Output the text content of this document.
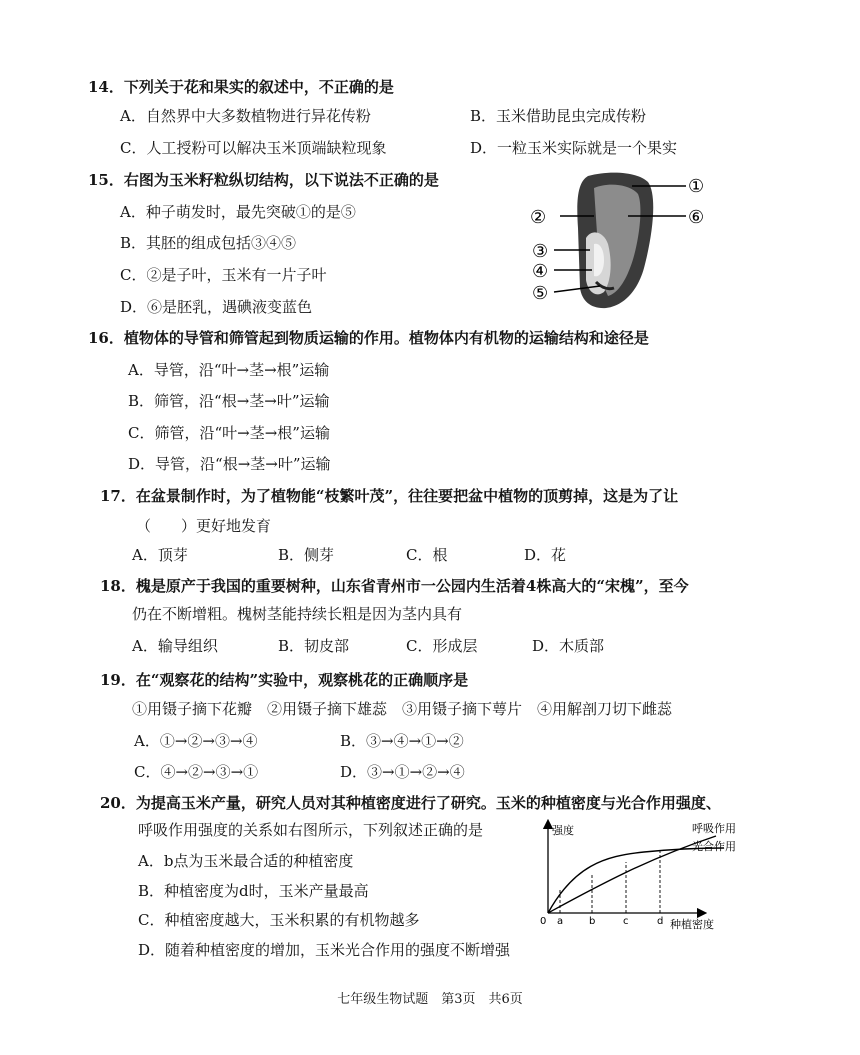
14．下列关于花和果实的叙述中，不正确的是
A．自然界中大多数植物进行异花传粉	B．玉米借助昆虫完成传粉
C．人工授粉可以解决玉米顶端缺粒现象	D．一粒玉米实际就是一个果实
15．右图为玉米籽粒纵切结构，以下说法不正确的是
A．种子萌发时，最先突破①的是⑤
B．其胚的组成包括③④⑤
C．②是子叶，玉米有一片子叶
D．⑥是胚乳，遇碘液变蓝色
①
②	⑥
③
④
⑤
16．植物体的导管和筛管起到物质运输的作用。植物体内有机物的运输结构和途径是
A．导管，沿“叶→茎→根”运输
B．筛管，沿“根→茎→叶”运输
C．筛管，沿“叶→茎→根”运输
D．导管，沿“根→茎→叶”运输
17．在盆景制作时，为了植物能“枝繁叶茂”，往往要把盆中植物的顶剪掉，这是为了让
（　　）更好地发育
A．顶芽	B．侧芽	C．根	D．花
18．槐是原产于我国的重要树种，山东省青州市一公园内生活着4株高大的“宋槐”，至今
仍在不断增粗。槐树茎能持续长粗是因为茎内具有
A．输导组织	B．韧皮部	C．形成层	D．木质部
19．在“观察花的结构”实验中，观察桃花的正确顺序是
①用镊子摘下花瓣　②用镊子摘下雄蕊　③用镊子摘下萼片　④用解剖刀切下雌蕊
A．①→②→③→④	B．③→④→①→②
C．④→②→③→①	D．③→①→②→④
20．为提高玉米产量，研究人员对其种植密度进行了研究。玉米的种植密度与光合作用强度、
呼吸作用强度的关系如右图所示，下列叙述正确的是
A．b点为玉米最合适的种植密度
B．种植密度为d时，玉米产量最高
C．种植密度越大，玉米积累的有机物越多
D．随着种植密度的增加，玉米光合作用的强度不断增强
强度
种植密度
0 a	b	c	d
呼吸作用
光合作用
七年级生物试题　第3页　共6页
